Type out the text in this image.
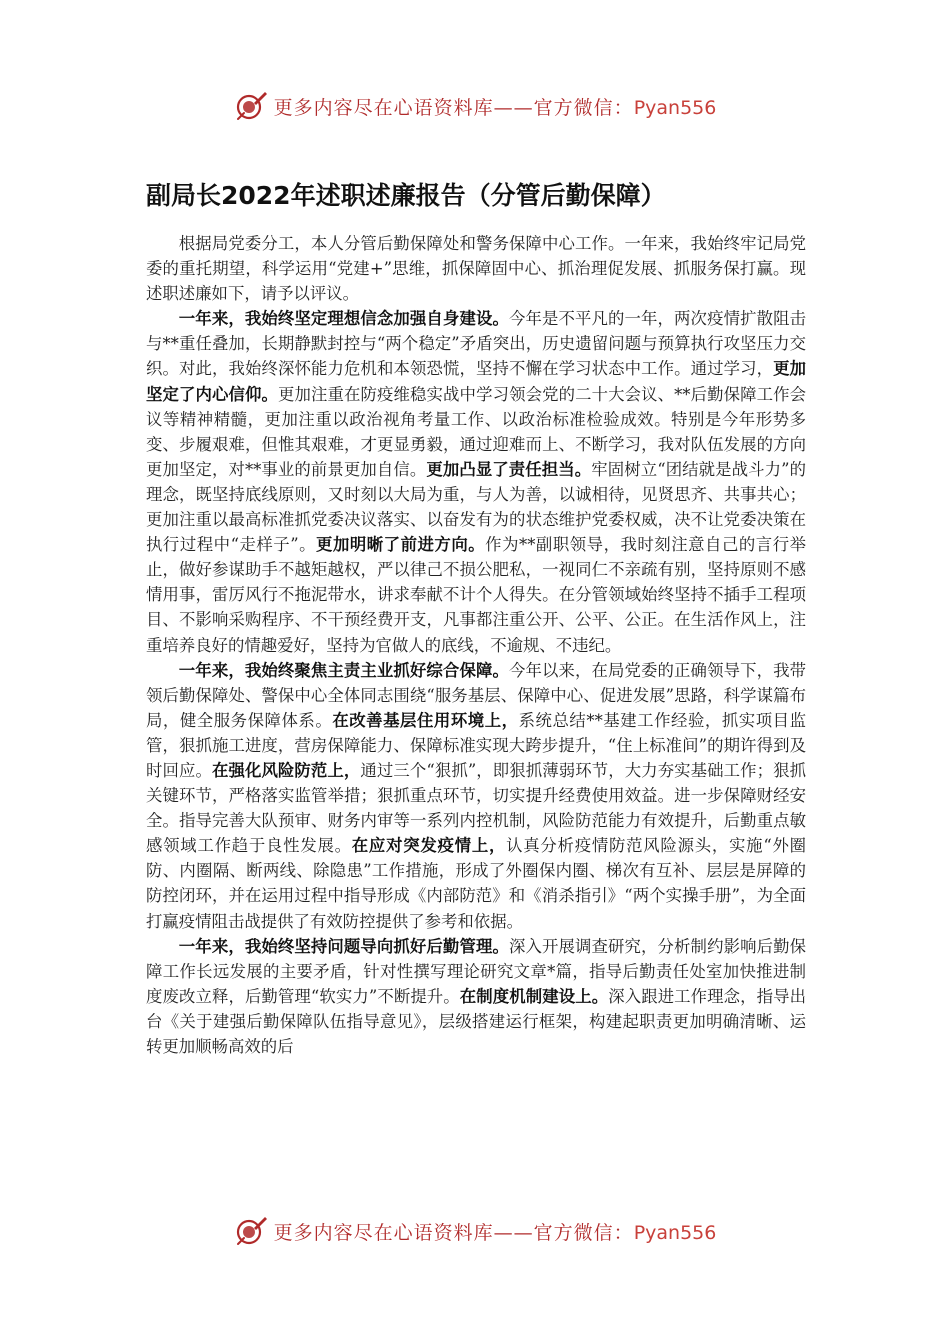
更多内容尽在心语资料库——官方微信：Pyan556
副局长2022年述职述廉报告（分管后勤保障）

根据局党委分工，本人分管后勤保障处和警务保障中心工作。一年来，我始终牢记局党委的重托期望，科学运用“党建+”思维，抓保障固中心、抓治理促发展、抓服务保打赢。现述职述廉如下，请予以评议。

一年来，我始终坚定理想信念加强自身建设。今年是不平凡的一年，两次疫情扩散阻击与**重任叠加，长期静默封控与“两个稳定”矛盾突出，历史遗留问题与预算执行攻坚压力交织。对此，我始终深怀能力危机和本领恐慌，坚持不懈在学习状态中工作。通过学习，更加坚定了内心信仰。更加注重在防疫维稳实战中学习领会党的二十大会议、**后勤保障工作会议等精神精髓，更加注重以政治视角考量工作、以政治标准检验成效。特别是今年形势多变、步履艰难，但惟其艰难，才更显勇毅，通过迎难而上、不断学习，我对队伍发展的方向更加坚定，对**事业的前景更加自信。更加凸显了责任担当。牢固树立“团结就是战斗力”的理念，既坚持底线原则，又时刻以大局为重，与人为善，以诚相待，见贤思齐、共事共心；更加注重以最高标准抓党委决议落实、以奋发有为的状态维护党委权威，决不让党委决策在执行过程中“走样子”。更加明晰了前进方向。作为**副职领导，我时刻注意自己的言行举止，做好参谋助手不越矩越权，严以律己不损公肥私，一视同仁不亲疏有别，坚持原则不感情用事，雷厉风行不拖泥带水，讲求奉献不计个人得失。在分管领域始终坚持不插手工程项目、不影响采购程序、不干预经费开支，凡事都注重公开、公平、公正。在生活作风上，注重培养良好的情趣爱好，坚持为官做人的底线，不逾规、不违纪。

一年来，我始终聚焦主责主业抓好综合保障。今年以来，在局党委的正确领导下，我带领后勤保障处、警保中心全体同志围绕“服务基层、保障中心、促进发展”思路，科学谋篇布局，健全服务保障体系。在改善基层住用环境上，系统总结**基建工作经验，抓实项目监管，狠抓施工进度，营房保障能力、保障标准实现大跨步提升，“住上标准间”的期许得到及时回应。在强化风险防范上，通过三个“狠抓”，即狠抓薄弱环节，大力夯实基础工作；狠抓关键环节，严格落实监管举措；狠抓重点环节，切实提升经费使用效益。进一步保障财经安全。指导完善大队预审、财务内审等一系列内控机制，风险防范能力有效提升，后勤重点敏感领域工作趋于良性发展。在应对突发疫情上，认真分析疫情防范风险源头，实施“外圈防、内圈隔、断两线、除隐患”工作措施，形成了外圈保内圈、梯次有互补、层层是屏障的防控闭环，并在运用过程中指导形成《内部防范》和《消杀指引》“两个实操手册”，为全面打赢疫情阻击战提供了有效防控提供了参考和依据。

一年来，我始终坚持问题导向抓好后勤管理。深入开展调查研究，分析制约影响后勤保障工作长远发展的主要矛盾，针对性撰写理论研究文章*篇，指导后勤责任处室加快推进制度废改立释，后勤管理“软实力”不断提升。在制度机制建设上。深入跟进工作理念，指导出台《关于建强后勤保障队伍指导意见》，层级搭建运行框架，构建起职责更加明确清晰、运转更加顺畅高效的后

更多内容尽在心语资料库——官方微信：Pyan556
